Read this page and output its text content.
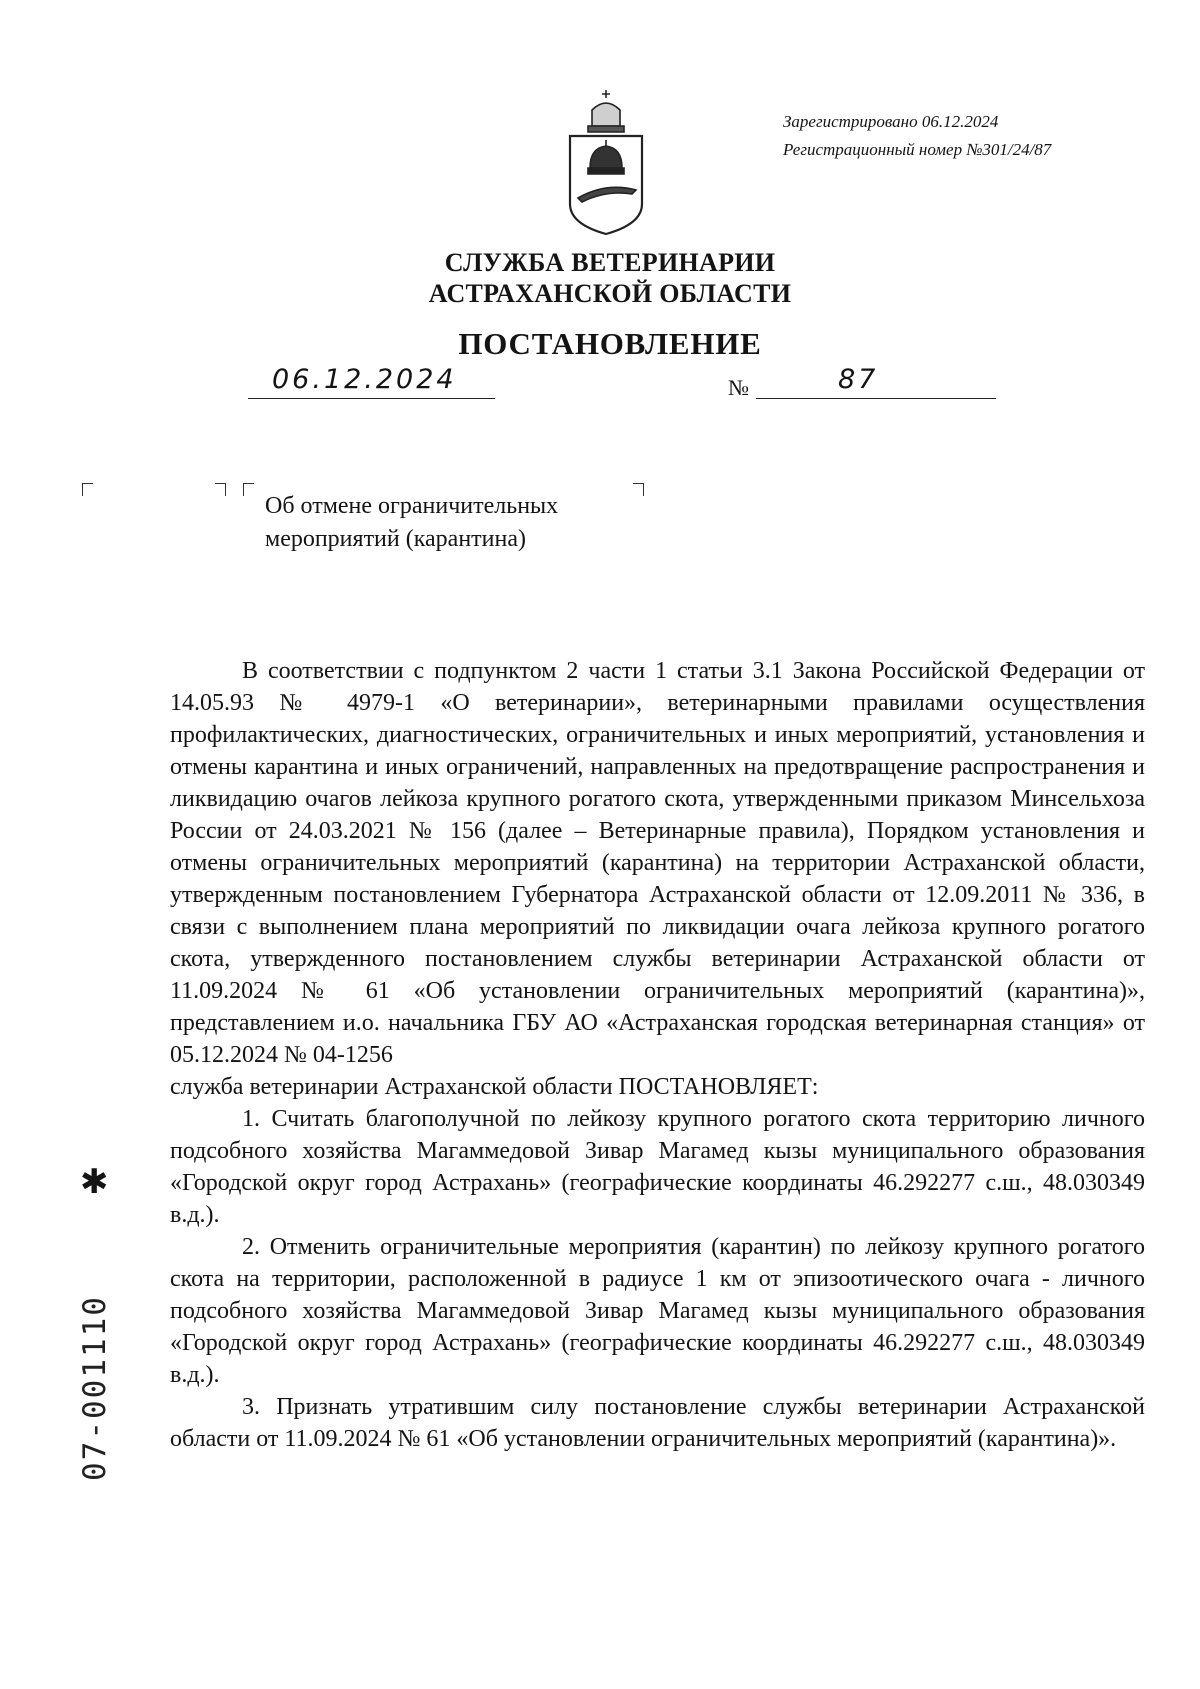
Зарегистрировано 06.12.2024
Регистрационный номер №301/24/87
СЛУЖБА ВЕТЕРИНАРИИ
АСТРАХАНСКОЙ ОБЛАСТИ
ПОСТАНОВЛЕНИЕ
06.12.2024	№	87
Об отмене ограничительных
мероприятий (карантина)

В соответствии с подпунктом 2 части 1 статьи 3.1 Закона Российской Федерации от 14.05.93 № 4979-1 «О ветеринарии», ветеринарными правилами осуществления профилактических, диагностических, ограничительных и иных мероприятий, установления и отмены карантина и иных ограничений, направленных на предотвращение распространения и ликвидацию очагов лейкоза крупного рогатого скота, утвержденными приказом Минсельхоза России от 24.03.2021 № 156 (далее – Ветеринарные правила), Порядком установления и отмены ограничительных мероприятий (карантина) на территории Астраханской области, утвержденным постановлением Губернатора Астраханской области от 12.09.2011 № 336, в связи с выполнением плана мероприятий по ликвидации очага лейкоза крупного рогатого скота, утвержденного постановлением службы ветеринарии Астраханской области от 11.09.2024 № 61 «Об установлении ограничительных мероприятий (карантина)», представлением и.о. начальника ГБУ АО «Астраханская городская ветеринарная станция» от 05.12.2024 № 04-1256

служба ветеринарии Астраханской области ПОСТАНОВЛЯЕТ:

1. Считать благополучной по лейкозу крупного рогатого скота территорию личного подсобного хозяйства Магаммедовой Зивар Магамед кызы муниципального образования «Городской округ город Астрахань» (географические координаты 46.292277 с.ш., 48.030349 в.д.).

2. Отменить ограничительные мероприятия (карантин) по лейкозу крупного рогатого скота на территории, расположенной в радиусе 1 км от эпизоотического очага - личного подсобного хозяйства Магаммедовой Зивар Магамед кызы муниципального образования «Городской округ город Астрахань» (географические координаты 46.292277 с.ш., 48.030349 в.д.).

3. Признать утратившим силу постановление службы ветеринарии Астраханской области от 11.09.2024 № 61 «Об установлении ограничительных мероприятий (карантина)».

✱
07-001110
